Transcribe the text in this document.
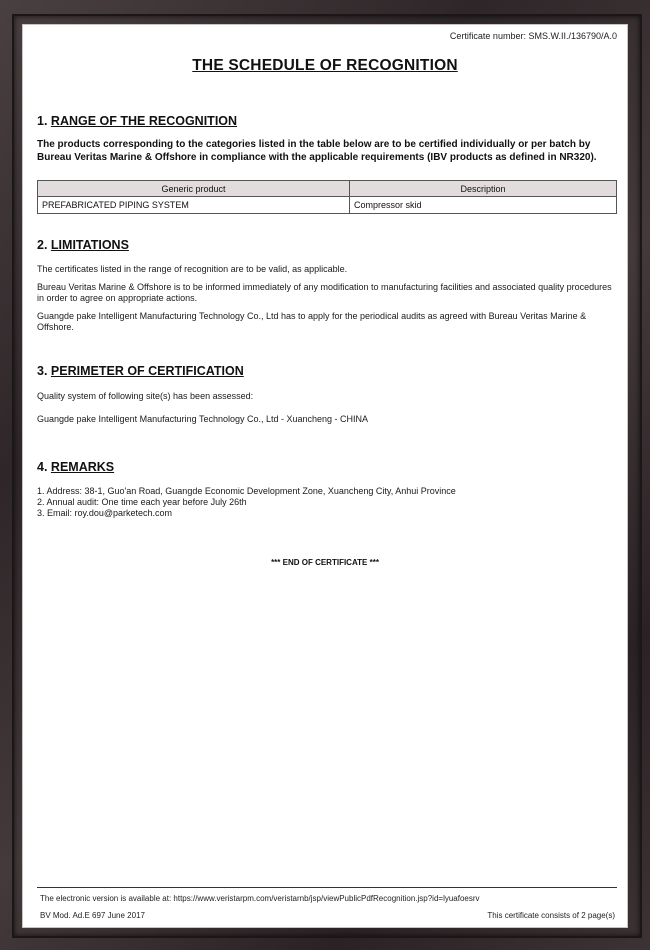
Certificate number: SMS.W.II./136790/A.0
THE SCHEDULE OF RECOGNITION
1. RANGE OF THE RECOGNITION
The products corresponding to the categories listed in the table below are to be certified individually or per batch by Bureau Veritas Marine & Offshore in compliance with the applicable requirements (IBV products as defined in NR320).
Generic product	Description
PREFABRICATED PIPING SYSTEM	Compressor skid
2. LIMITATIONS
The certificates listed in the range of recognition are to be valid, as applicable.
Bureau Veritas Marine & Offshore is to be informed immediately of any modification to manufacturing facilities and associated quality procedures in order to agree on appropriate actions.
Guangde pake Intelligent Manufacturing Technology Co., Ltd has to apply for the periodical audits as agreed with Bureau Veritas Marine & Offshore.
3. PERIMETER OF CERTIFICATION
Quality system of following site(s) has been assessed:
Guangde pake Intelligent Manufacturing Technology Co., Ltd - Xuancheng - CHINA
4. REMARKS
1. Address: 38-1, Guo'an Road, Guangde Economic Development Zone, Xuancheng City, Anhui Province
2. Annual audit: One time each year before July 26th
3. Email: roy.dou@parketech.com
*** END OF CERTIFICATE ***
The electronic version is available at: https://www.veristarpm.com/veristarnb/jsp/viewPublicPdfRecognition.jsp?id=lyuafoesrv
BV Mod. Ad.E 697 June 2017	This certificate consists of 2 page(s)
